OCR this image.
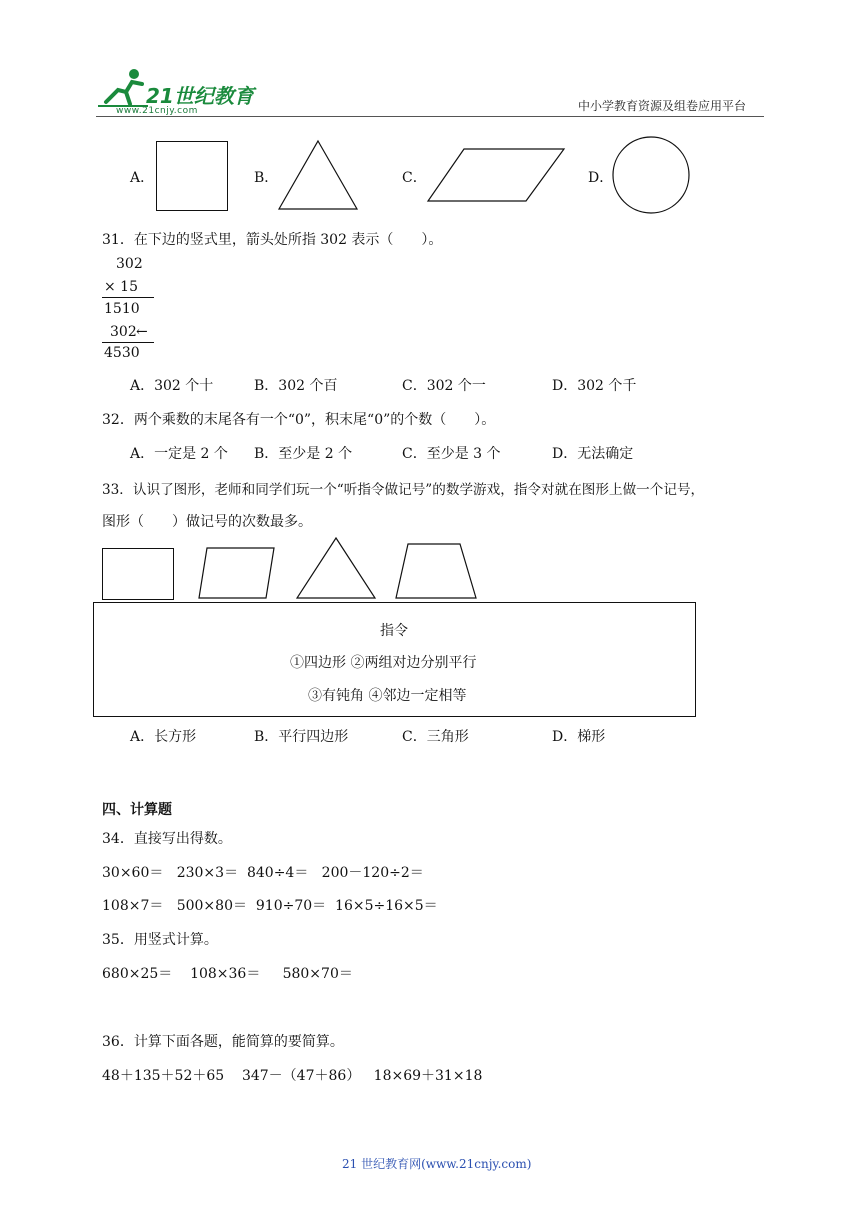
21世纪教育
www.21cnjy.com	中小学教育资源及组卷应用平台
A．	B．	C．	D．
31．在下边的竖式里，箭头处所指 302 表示（　　）。
302
× 15
1510
302 ←
4530
A．302 个十	B．302 个百	C．302 个一	D．302 个千
32．两个乘数的末尾各有一个“0”，积末尾“0”的个数（　　）。
A．一定是 2 个 B．至少是 2 个	C．至少是 3 个	D．无法确定
33．认识了图形，老师和同学们玩一个“听指令做记号”的数学游戏，指令对就在图形上做一个记号，
图形（　　）做记号的次数最多。
指令
①四边形 ②两组对边分别平行
③有钝角 ④邻边一定相等
A．长方形	B．平行四边形	C．三角形	D．梯形
四、计算题
34．直接写出得数。
30×60＝   230×3＝  840÷4＝   200－120÷2＝
108×7＝   500×80＝  910÷70＝  16×5÷16×5＝
35．用竖式计算。
680×25＝    108×36＝     580×70＝
36．计算下面各题，能简算的要简算。
48＋135＋52＋65    347－（47＋86）   18×69＋31×18
21 世纪教育网(www.21cnjy.com)
